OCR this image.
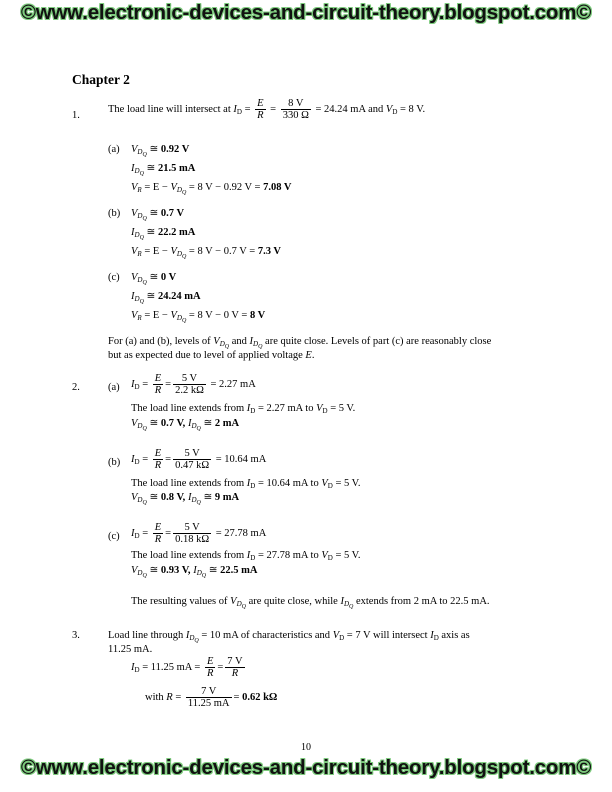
©www.electronic-devices-and-circuit-theory.blogspot.com©
Chapter 2
1.
The load line will intersect at $I_D = \frac{E}{R} = \frac{8 V}{330 \Omega} = 24.24$ mA and $V_D = 8$ V.
(a) $V_{D_Q}$ ≅ 0.92 V
$I_{D_Q}$ ≅ 21.5 mA
$V_R = E - V_{D_Q} = 8$ V − 0.92 V = 7.08 V
(b) $V_{D_Q}$ ≅ 0.7 V
$I_{D_Q}$ ≅ 22.2 mA
$V_R = E - V_{D_Q} = 8$ V − 0.7 V = 7.3 V
(c) $V_{D_Q}$ ≅ 0 V
$I_{D_Q}$ ≅ 24.24 mA
$V_R = E - V_{D_Q} = 8$ V − 0 V = 8 V
For (a) and (b), levels of $V_{D_Q}$ and $I_{D_Q}$ are quite close. Levels of part (c) are reasonably close
but as expected due to level of applied voltage E.
2.	(a) $I_D = \frac{E}{R} = \frac{5 V}{2.2 k\Omega} = 2.27$ mA
The load line extends from $I_D = 2.27$ mA to $V_D = 5$ V.
$V_{D_Q}$ ≅ 0.7 V, $I_{D_Q}$ ≅ 2 mA
(b) $I_D = \frac{E}{R} = \frac{5 V}{0.47 k\Omega} = 10.64$ mA
The load line extends from $I_D = 10.64$ mA to $V_D = 5$ V.
$V_{D_Q}$ ≅ 0.8 V, $I_{D_Q}$ ≅ 9 mA
(c) $I_D = \frac{E}{R} = \frac{5 V}{0.18 k\Omega} = 27.78$ mA
The load line extends from $I_D = 27.78$ mA to $V_D = 5$ V.
$V_{D_Q}$ ≅ 0.93 V, $I_{D_Q}$ ≅ 22.5 mA
The resulting values of $V_{D_Q}$ are quite close, while $I_{D_Q}$ extends from 2 mA to 22.5 mA.
3.	Load line through $I_{D_Q} = 10$ mA of characteristics and $V_D = 7$ V will intersect $I_D$ axis as
11.25 mA.
$I_D = 11.25$ mA = $\frac{E}{R} = \frac{7 V}{R}$
with $R = \frac{7 V}{11.25 mA} = 0.62$ kΩ
10
©www.electronic-devices-and-circuit-theory.blogspot.com©
